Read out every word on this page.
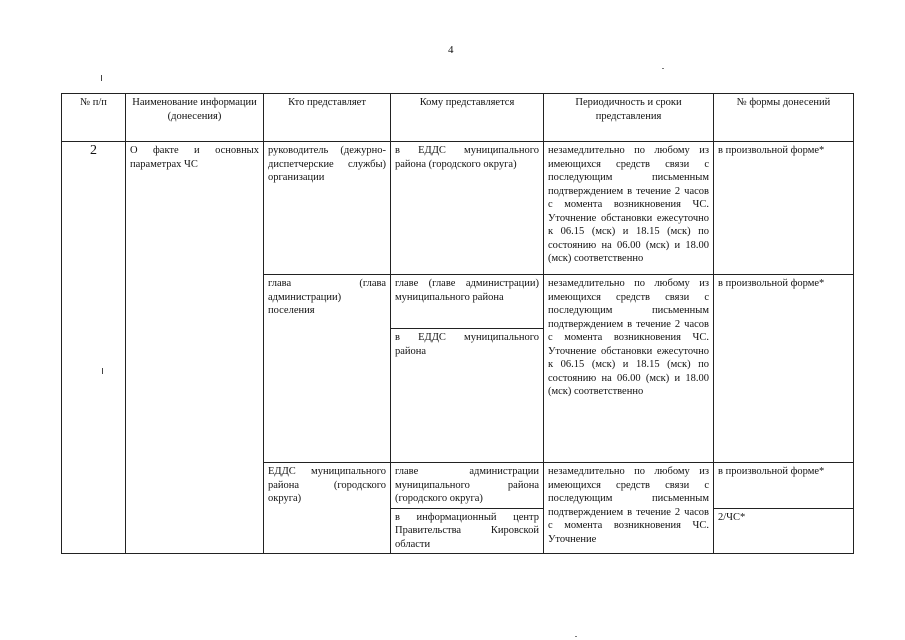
4
№ п/п	Наименование информации (донесения)	Кто представляет	Кому представляется	Периодичность и сроки представления	№ формы донесений
2	О факте и основных параметрах ЧС	руководитель (дежурно-диспетчерские службы) организации	в ЕДДС муниципального района (городского округа)	незамедлительно по любому из имеющихся средств связи с последующим письменным подтверждением в течение 2 часов с момента возникновения ЧС. Уточнение обстановки ежесуточно к 06.15 (мск) и 18.15 (мск) по состоянию на 06.00 (мск) и 18.00 (мск) соответственно	в произвольной форме*
		глава (глава администрации) поселения	главе (главе администрации) муниципального района	незамедлительно по любому из имеющихся средств связи с последующим письменным подтверждением в течение 2 часов с момента возникновения ЧС. Уточнение обстановки ежесуточно к 06.15 (мск) и 18.15 (мск) по состоянию на 06.00 (мск) и 18.00 (мск) соответственно	в произвольной форме*
			в ЕДДС муниципального района		
		ЕДДС муниципального района (городского округа)	главе администрации муниципального района (городского округа)	незамедлительно по любому из имеющихся средств связи с последующим письменным подтверждением в течение 2 часов с момента возникновения ЧС. Уточнение	в произвольной форме*
			в информационный центр Правительства Кировской области		2/ЧС*
